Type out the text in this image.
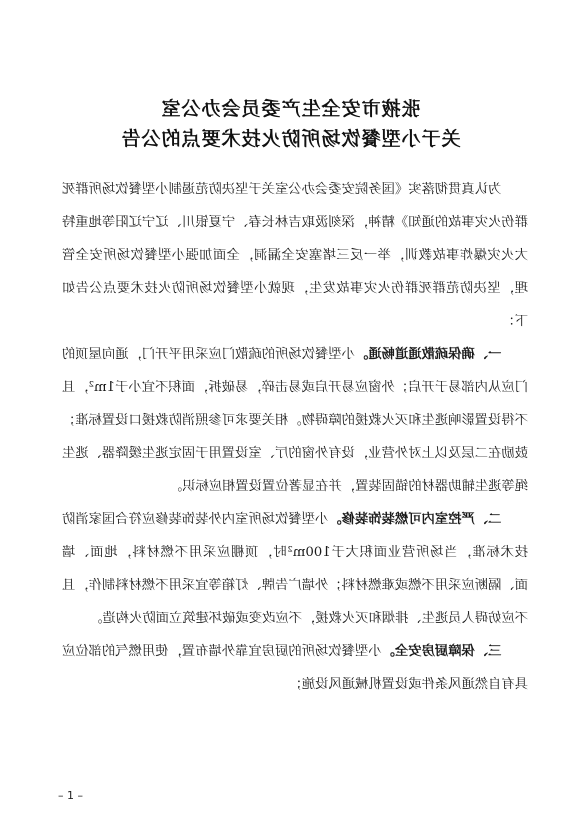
张掖市安全生产委员会办公室
关于小型餐饮场所防火技术要点的公告

为认真贯彻落实《国务院安委会办公室关于坚决防范遏制小型餐饮场所群死群伤火灾事故的通知》精神，深刻汲取吉林长春、宁夏银川、辽宁辽阳等地重特大火灾爆炸事故教训，举一反三堵塞安全漏洞，全面加强小型餐饮场所安全管理，坚决防范群死群伤火灾事故发生，现就小型餐饮场所防火技术要点公告如下：

一、确保疏散通道畅通。小型餐饮场所的疏散门应采用平开门，通向屋顶的门应从内部易于开启；外窗应易开启或易击碎，易破拆，面积不宜小于1m²，且不得设置影响逃生和灭火救援的障碍物。相关要求可参照消防救援口设置标准；鼓励在二层及以上对外营业，设有外窗的厅、室设置用于固定逃生缓降器、逃生绳等逃生辅助器材的锚固装置，并在显著位置设置相应标识。

二、严控室内可燃装饰装修。小型餐饮场所室内外装饰装修应符合国家消防技术标准，当场所营业面积大于100m²时，顶棚应采用不燃材料，地面、墙面、隔断应采用不燃或难燃材料；外墙广告牌、灯箱等宜采用不燃材料制作，且不应妨碍人员逃生、排烟和灭火救援，不应改变或破坏建筑立面防火构造。

三、保障厨房安全。小型餐饮场所的厨房宜靠外墙布置，使用燃气的部位应具有自然通风条件或设置机械通风设施；

– 1 –
